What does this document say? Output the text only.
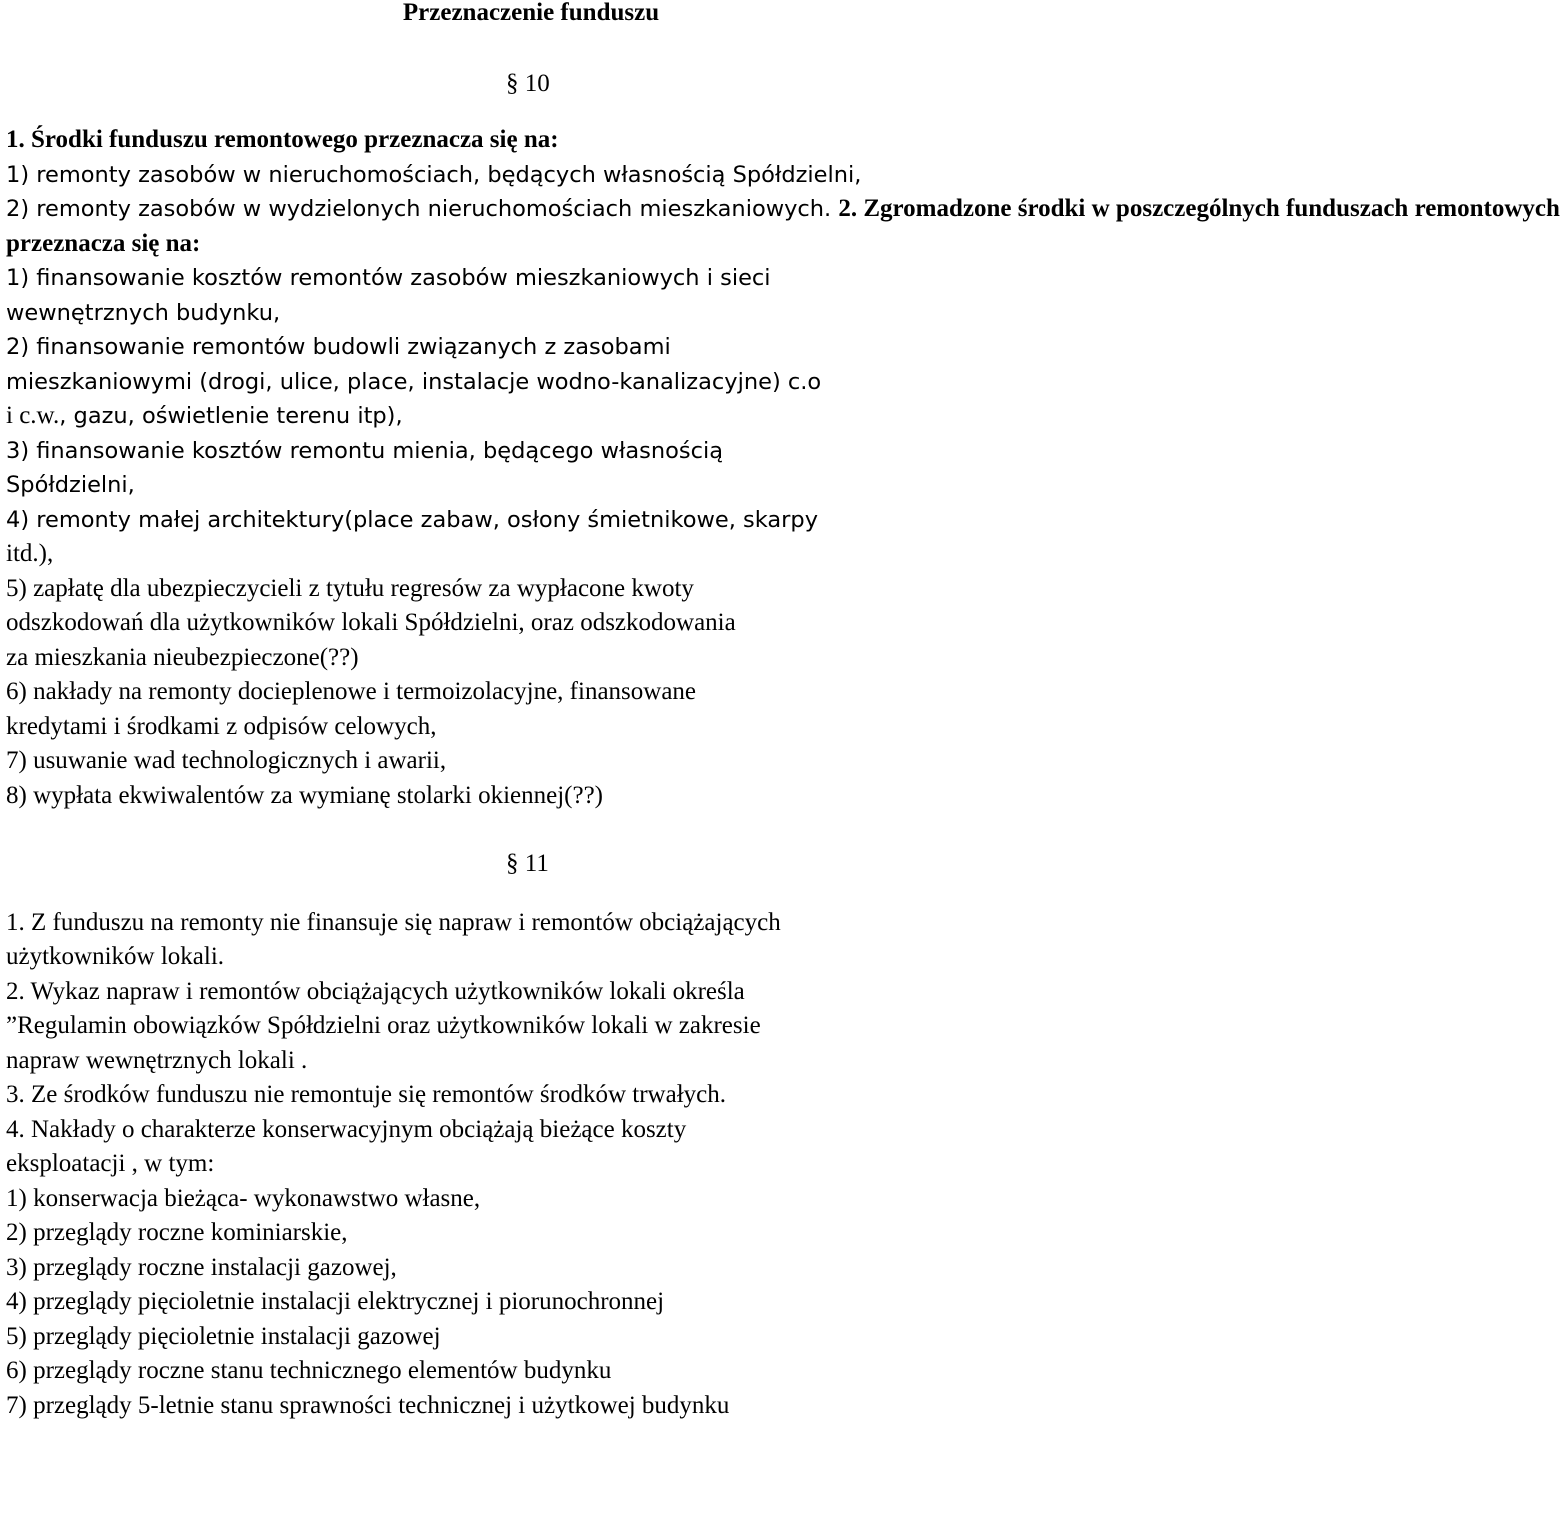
Przeznaczenie funduszu
§ 10
1. Środki funduszu remontowego przeznacza się na:
1) remonty zasobów w nieruchomościach, będących własnością Spółdzielni,
2) remonty zasobów w wydzielonych nieruchomościach mieszkaniowych. 2. Zgromadzone środki w poszczególnych funduszach remontowych
przeznacza się na:
1) finansowanie kosztów remontów zasobów mieszkaniowych i sieci
wewnętrznych budynku,
2) finansowanie remontów budowli związanych z zasobami
mieszkaniowymi (drogi, ulice, place, instalacje wodno-kanalizacyjne) c.o
i c.w., gazu, oświetlenie terenu itp),
3) finansowanie kosztów remontu mienia, będącego własnością
Spółdzielni,
4) remonty małej architektury(place zabaw, osłony śmietnikowe, skarpy
itd.),
5) zapłatę dla ubezpieczycieli z tytułu regresów za wypłacone kwoty
odszkodowań dla użytkowników lokali Spółdzielni, oraz odszkodowania
za mieszkania nieubezpieczone(??)
6) nakłady na remonty docieplenowe i termoizolacyjne, finansowane
kredytami i środkami z odpisów celowych,
7) usuwanie wad technologicznych i awarii,
8) wypłata ekwiwalentów za wymianę stolarki okiennej(??)
§ 11
1. Z funduszu na remonty nie finansuje się napraw i remontów obciążających
użytkowników lokali.
2. Wykaz napraw i remontów obciążających użytkowników lokali określa
”Regulamin obowiązków Spółdzielni oraz użytkowników lokali w zakresie
napraw wewnętrznych lokali .
3. Ze środków funduszu nie remontuje się remontów środków trwałych.
4. Nakłady o charakterze konserwacyjnym obciążają bieżące koszty
eksploatacji , w tym:
1) konserwacja bieżąca- wykonawstwo własne,
2) przeglądy roczne kominiarskie,
3) przeglądy roczne instalacji gazowej,
4) przeglądy pięcioletnie instalacji elektrycznej i piorunochronnej
5) przeglądy pięcioletnie instalacji gazowej
6) przeglądy roczne stanu technicznego elementów budynku
7) przeglądy 5-letnie stanu sprawności technicznej i użytkowej budynku
